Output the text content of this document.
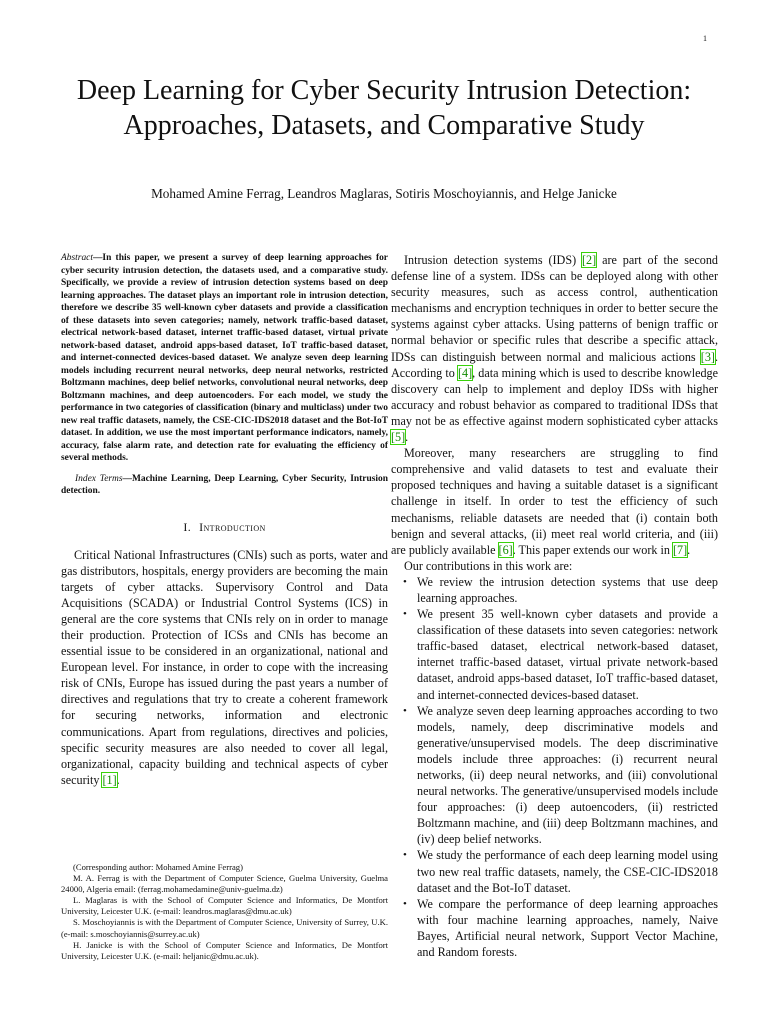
1
Deep Learning for Cyber Security Intrusion Detection: Approaches, Datasets, and Comparative Study
Mohamed Amine Ferrag, Leandros Maglaras, Sotiris Moschoyiannis, and Helge Janicke

Abstract—In this paper, we present a survey of deep learning approaches for cyber security intrusion detection, the datasets used, and a comparative study. Specifically, we provide a review of intrusion detection systems based on deep learning approaches. The dataset plays an important role in intrusion detection, therefore we describe 35 well-known cyber datasets and provide a classification of these datasets into seven categories; namely, network traffic-based dataset, electrical network-based dataset, internet traffic-based dataset, virtual private network-based dataset, android apps-based dataset, IoT traffic-based dataset, and internet-connected devices-based dataset. We analyze seven deep learning models including recurrent neural networks, deep neural networks, restricted Boltzmann machines, deep belief networks, convolutional neural networks, deep Boltzmann machines, and deep autoencoders. For each model, we study the performance in two categories of classification (binary and multiclass) under two new real traffic datasets, namely, the CSE-CIC-IDS2018 dataset and the Bot-IoT dataset. In addition, we use the most important performance indicators, namely, accuracy, false alarm rate, and detection rate for evaluating the efficiency of several methods.

Index Terms—Machine Learning, Deep Learning, Cyber Security, Intrusion detection.

I. Introduction

Critical National Infrastructures (CNIs) such as ports, water and gas distributors, hospitals, energy providers are becoming the main targets of cyber attacks. Supervisory Control and Data Acquisitions (SCADA) or Industrial Control Systems (ICS) in general are the core systems that CNIs rely on in order to manage their production. Protection of ICSs and CNIs has become an essential issue to be considered in an organizational, national and European level. For instance, in order to cope with the increasing risk of CNIs, Europe has issued during the past years a number of directives and regulations that try to create a coherent framework for securing networks, information and electronic communications. Apart from regulations, directives and policies, specific security measures are also needed to cover all legal, organizational, capacity building and technical aspects of cyber security [1].

(Corresponding author: Mohamed Amine Ferrag)

M. A. Ferrag is with the Department of Computer Science, Guelma University, Guelma 24000, Algeria email: (ferrag.mohamedamine@univ-guelma.dz)

L. Maglaras is with the School of Computer Science and Informatics, De Montfort University, Leicester U.K. (e-mail: leandros.maglaras@dmu.ac.uk)

S. Moschoyiannis is with the Department of Computer Science, University of Surrey, U.K. (e-mail: s.moschoyiannis@surrey.ac.uk)

H. Janicke is with the School of Computer Science and Informatics, De Montfort University, Leicester U.K. (e-mail: heljanic@dmu.ac.uk).

Intrusion detection systems (IDS) [2] are part of the second defense line of a system. IDSs can be deployed along with other security measures, such as access control, authentication mechanisms and encryption techniques in order to better secure the systems against cyber attacks. Using patterns of benign traffic or normal behavior or specific rules that describe a specific attack, IDSs can distinguish between normal and malicious actions [3]. According to [4], data mining which is used to describe knowledge discovery can help to implement and deploy IDSs with higher accuracy and robust behavior as compared to traditional IDSs that may not be as effective against modern sophisticated cyber attacks [5].

Moreover, many researchers are struggling to find comprehensive and valid datasets to test and evaluate their proposed techniques and having a suitable dataset is a significant challenge in itself. In order to test the efficiency of such mechanisms, reliable datasets are needed that (i) contain both benign and several attacks, (ii) meet real world criteria, and (iii) are publicly available [6]. This paper extends our work in [7].

Our contributions in this work are:

• We review the intrusion detection systems that use deep learning approaches.
• We present 35 well-known cyber datasets and provide a classification of these datasets into seven categories: network traffic-based dataset, electrical network-based dataset, internet traffic-based dataset, virtual private network-based dataset, android apps-based dataset, IoT traffic-based dataset, and internet-connected devices-based dataset.
• We analyze seven deep learning approaches according to two models, namely, deep discriminative models and generative/unsupervised models. The deep discriminative models include three approaches: (i) recurrent neural networks, (ii) deep neural networks, and (iii) convolutional neural networks. The generative/unsupervised models include four approaches: (i) deep autoencoders, (ii) restricted Boltzmann machine, and (iii) deep Boltzmann machines, and (iv) deep belief networks.
• We study the performance of each deep learning model using two new real traffic datasets, namely, the CSE-CIC-IDS2018 dataset and the Bot-IoT dataset.
• We compare the performance of deep learning approaches with four machine learning approaches, namely, Naive Bayes, Artificial neural network, Support Vector Machine, and Random forests.
